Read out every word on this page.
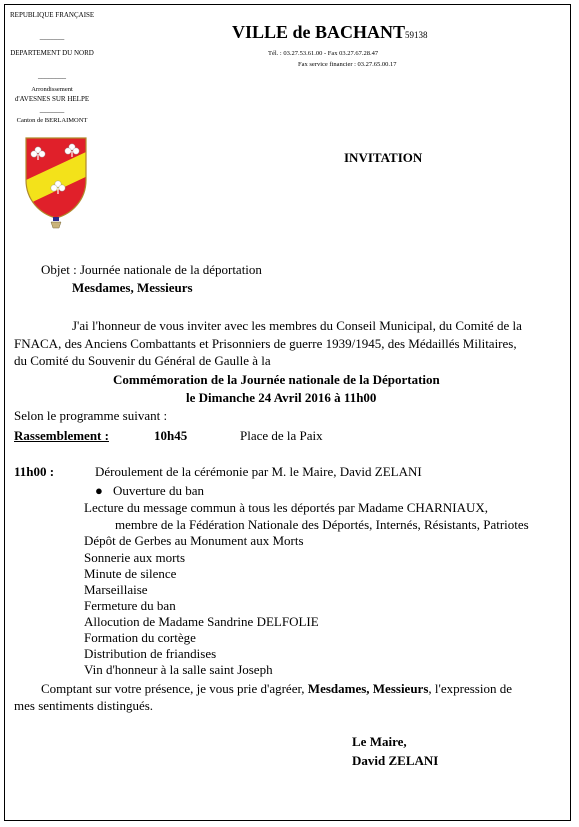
REPUBLIQUE FRANÇAISE
_______
DEPARTEMENT DU NORD
________
Arrondissement
d'AVESNES SUR HELPE
_______
Canton de BERLAIMONT
VILLE de BACHANT59138
Tél. : 03.27.53.61.00 - Fax 03.27.67.28.47
Fax service financier : 03.27.65.00.17
INVITATION
Objet : Journée nationale de la déportation
Mesdames, Messieurs
J'ai l'honneur de vous inviter avec les membres du Conseil Municipal, du Comité de la
FNACA, des Anciens Combattants et Prisonniers de guerre 1939/1945, des Médaillés Militaires,
du Comité du Souvenir du Général de Gaulle à la
Commémoration de la Journée nationale de la Déportation
le Dimanche 24 Avril 2016 à 11h00
Selon le programme suivant :
Rassemblement :	10h45	Place de la Paix
11h00 :	Déroulement de la cérémonie par M. le Maire, David ZELANI
● Ouverture du ban
Lecture du message commun à tous les déportés par Madame CHARNIAUX,
membre de la Fédération Nationale des Déportés, Internés, Résistants, Patriotes
Dépôt de Gerbes au Monument aux Morts
Sonnerie aux morts
Minute de silence
Marseillaise
Fermeture du ban
Allocution de Madame Sandrine DELFOLIE
Formation du cortège
Distribution de friandises
Vin d'honneur à la salle saint Joseph
Comptant sur votre présence, je vous prie d'agréer, Mesdames, Messieurs, l'expression de
mes sentiments distingués.
Le Maire,
David ZELANI
